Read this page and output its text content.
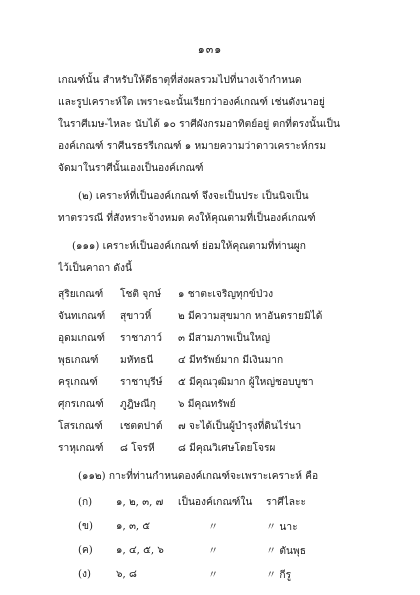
๑๓๑
เกณฑ์นั้น สำหรับให้ดีธาตุที่ส่งผลรวมไปที่นางเจ้ากำหนด
และรูปเคราะห์ใด เพราะฉะนั้นเรียกว่าองค์เกณฑ์ เช่นดังนาอยู่
ในราศีเมษ-ไหละ นับได้ ๑๐ ราศีผังกรมอาทิตย์อยู่ ตกที่ตรงนั้นเป็น
องค์เกณฑ์ ราศีนรธรรีเกณฑ์ ๑ หมายความว่าดาวเคราะห์กรม
จัดมาในราศีนั้นเองเป็นองค์เกณฑ์
(๒) เคราะห์ที่เป็นองค์เกณฑ์ จึงจะเป็นประ เป็นนิจเป็น
ทาตรวรณี ที่สังหราะจ้างหมด คงให้คุณตามที่เป็นองค์เกณฑ์
(๑๑๑) เคราะห์เป็นองค์เกณฑ์ ย่อมให้คุณตามที่ท่านผูก
ไว้เป็นคาถา ดังนี้
สุริยเกณฑ์ โชติ จุกษ์ ๑ ชาตะเจริญทุกข์ป่วง
จันทเกณฑ์ สุขาวหิ์	๒ มีความสุขมาก หาอันตรายมิได้
อุดมเกณฑ์ ราชาภาว์ ๓ มีสามภาพเป็นใหญ่
พุธเกณฑ์ มหัทธนี ๔ มีทรัพย์มาก มีเงินมาก
ครุเกณฑ์ ราชาบุรีษ์ ๕ มีคุณวุฒิมาก ผู้ใหญ่ชอบบูชา
ศุกรเกณฑ์ ภูฎิษณีกุ ๖ มีคุณทรัพย์
โสรเกณฑ์ เชตตปาต์ ๗ จะได้เป็นผู้บำรุงที่ดินไร่นา
ราหุเกณฑ์ ๘ โจรหี ๘ มีคุณวิเศษโดยโจรผ
(๑๑๒) กาะที่ท่านกำหนดองค์เกณฑ์จะเพราะเคราะห์ คือ
(ก) ๑, ๒, ๓, ๗ เป็นองค์เกณฑ์ใน ราศีไละะ
(ข) ๑, ๓, ๕	〃	〃 นาะ
(ค) ๑, ๔, ๕, ๖	〃	〃 ตันพุธ
(ง) ๖, ๘	〃	〃 กีรู
